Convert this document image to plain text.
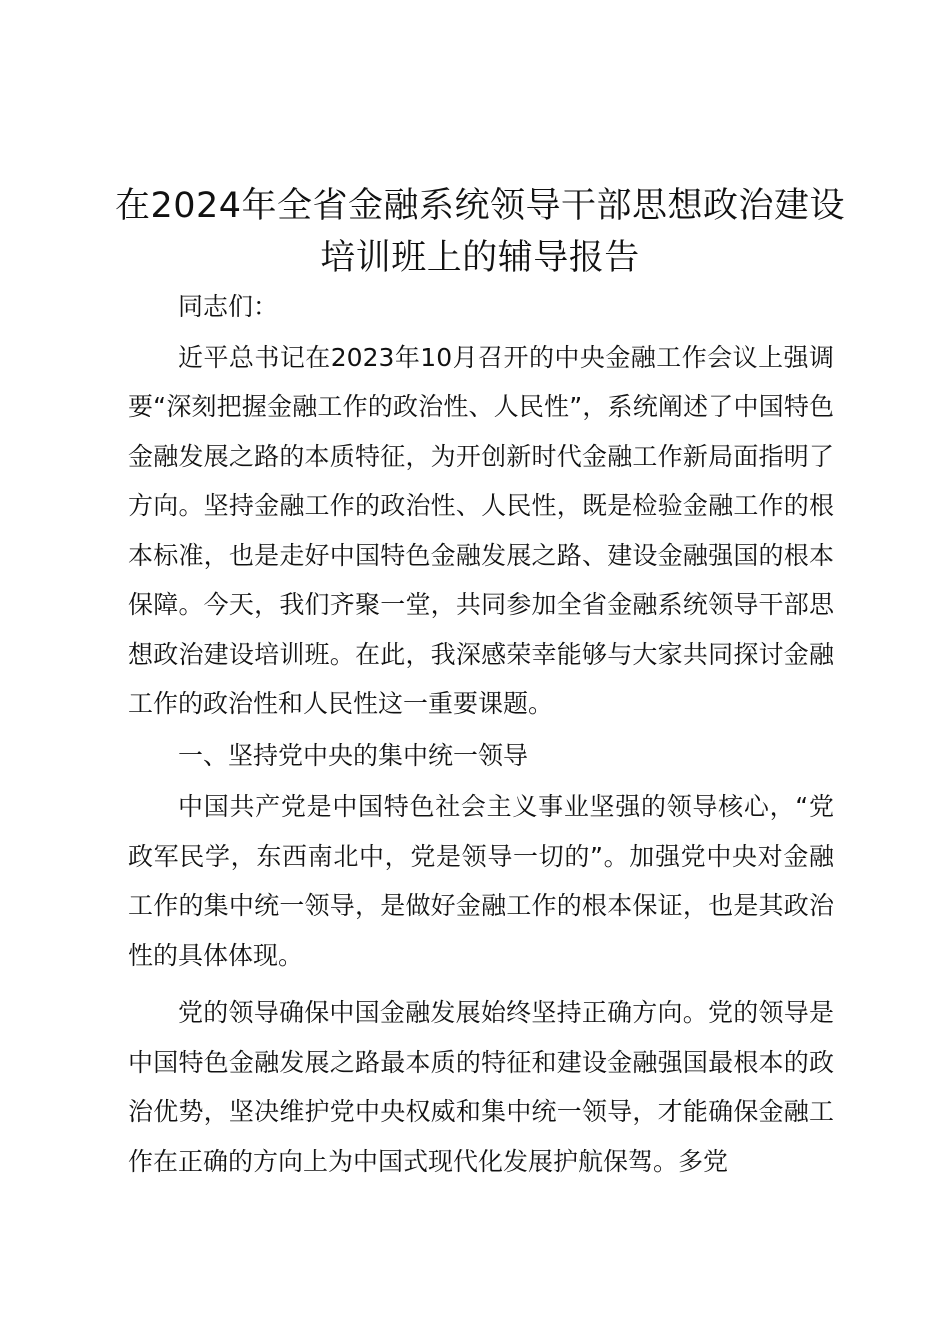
在2024年全省金融系统领导干部思想政治建设培训班上的辅导报告

同志们：

近平总书记在2023年10月召开的中央金融工作会议上强调要“深刻把握金融工作的政治性、人民性”，系统阐述了中国特色金融发展之路的本质特征，为开创新时代金融工作新局面指明了方向。坚持金融工作的政治性、人民性，既是检验金融工作的根本标准，也是走好中国特色金融发展之路、建设金融强国的根本保障。今天，我们齐聚一堂，共同参加全省金融系统领导干部思想政治建设培训班。在此，我深感荣幸能够与大家共同探讨金融工作的政治性和人民性这一重要课题。

一、坚持党中央的集中统一领导

中国共产党是中国特色社会主义事业坚强的领导核心，“党政军民学，东西南北中，党是领导一切的”。加强党中央对金融工作的集中统一领导，是做好金融工作的根本保证，也是其政治性的具体体现。

党的领导确保中国金融发展始终坚持正确方向。党的领导是中国特色金融发展之路最本质的特征和建设金融强国最根本的政治优势，坚决维护党中央权威和集中统一领导，才能确保金融工作在正确的方向上为中国式现代化发展护航保驾。多党
